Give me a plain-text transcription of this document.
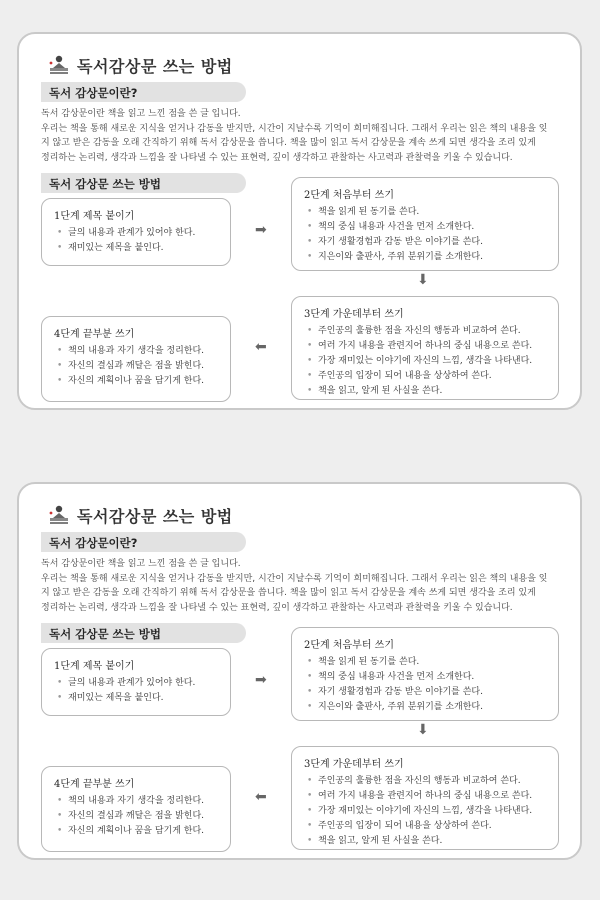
독서감상문 쓰는 방법
독서 감상문이란?
독서 감상문이란 책을 읽고 느낀 점을 쓴 글 입니다.
우리는 책을 통해 새로운 지식을 얻거나 감동을 받지만, 시간이 지날수록 기억이 희미해집니다. 그래서 우리는 읽은 책의 내용을 잊
지 않고 받은 감동을 오래 간직하기 위해 독서 감상문을 씁니다. 책을 많이 읽고 독서 감상문을 계속 쓰게 되면 생각을 조리 있게
정리하는 논리력, 생각과 느낌을 잘 나타낼 수 있는 표현력, 깊이 생각하고 관찰하는 사고력과 관찰력을 키울 수 있습니다.
독서 감상문 쓰는 방법
1단계 제목 붙이기
• 글의 내용과 관계가 있어야 한다.
• 재미있는 제목을 붙인다.
➡
2단계 처음부터 쓰기
• 책을 읽게 된 동기를 쓴다.
• 책의 중심 내용과 사건을 먼저 소개한다.
• 자기 생활경험과 감동 받은 이야기를 쓴다.
• 지은이와 출판사, 주위 분위기를 소개한다.
⬇
3단계 가운데부터 쓰기
• 주인공의 훌륭한 점을 자신의 행동과 비교하여 쓴다.
• 여러 가지 내용을 관련지어 하나의 중심 내용으로 쓴다.
• 가장 재미있는 이야기에 자신의 느낌, 생각을 나타낸다.
• 주인공의 입장이 되어 내용을 상상하여 쓴다.
• 책을 읽고, 알게 된 사실을 쓴다.
⬅
4단계 끝부분 쓰기
• 책의 내용과 자기 생각을 정리한다.
• 자신의 결심과 깨달은 점을 밝힌다.
• 자신의 계획이나 꿈을 담기게 한다.
독서감상문 쓰는 방법
독서 감상문이란?
독서 감상문이란 책을 읽고 느낀 점을 쓴 글 입니다.
우리는 책을 통해 새로운 지식을 얻거나 감동을 받지만, 시간이 지날수록 기억이 희미해집니다. 그래서 우리는 읽은 책의 내용을 잊
지 않고 받은 감동을 오래 간직하기 위해 독서 감상문을 씁니다. 책을 많이 읽고 독서 감상문을 계속 쓰게 되면 생각을 조리 있게
정리하는 논리력, 생각과 느낌을 잘 나타낼 수 있는 표현력, 깊이 생각하고 관찰하는 사고력과 관찰력을 키울 수 있습니다.
독서 감상문 쓰는 방법
1단계 제목 붙이기
• 글의 내용과 관계가 있어야 한다.
• 재미있는 제목을 붙인다.
➡
2단계 처음부터 쓰기
• 책을 읽게 된 동기를 쓴다.
• 책의 중심 내용과 사건을 먼저 소개한다.
• 자기 생활경험과 감동 받은 이야기를 쓴다.
• 지은이와 출판사, 주위 분위기를 소개한다.
⬇
3단계 가운데부터 쓰기
• 주인공의 훌륭한 점을 자신의 행동과 비교하여 쓴다.
• 여러 가지 내용을 관련지어 하나의 중심 내용으로 쓴다.
• 가장 재미있는 이야기에 자신의 느낌, 생각을 나타낸다.
• 주인공의 입장이 되어 내용을 상상하여 쓴다.
• 책을 읽고, 알게 된 사실을 쓴다.
⬅
4단계 끝부분 쓰기
• 책의 내용과 자기 생각을 정리한다.
• 자신의 결심과 깨달은 점을 밝힌다.
• 자신의 계획이나 꿈을 담기게 한다.
